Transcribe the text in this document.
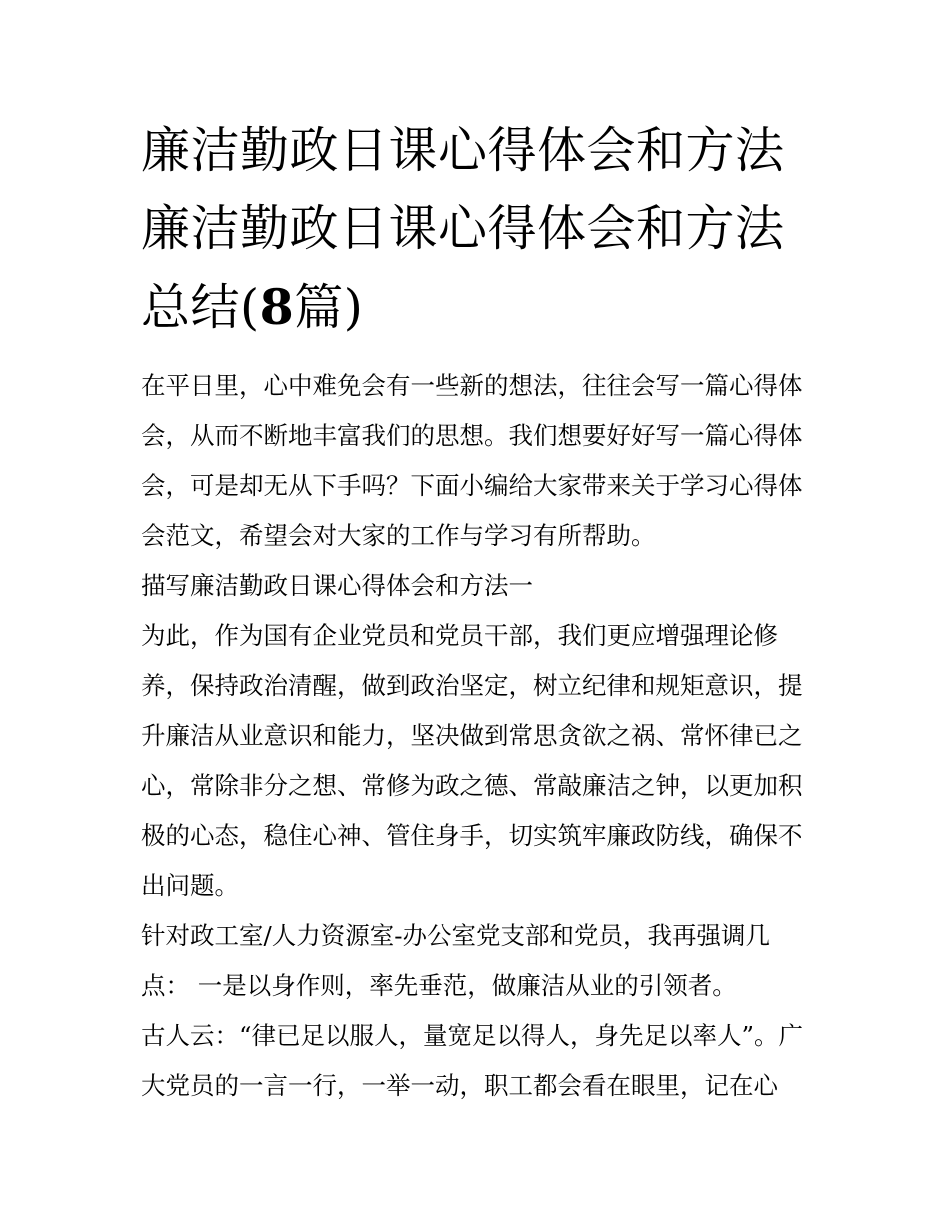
廉洁勤政日课心得体会和方法
廉洁勤政日课心得体会和方法
总结(8篇)

在平日里，心中难免会有一些新的想法，往往会写一篇心得体
会，从而不断地丰富我们的思想。我们想要好好写一篇心得体
会，可是却无从下手吗？下面小编给大家带来关于学习心得体
会范文，希望会对大家的工作与学习有所帮助。

描写廉洁勤政日课心得体会和方法一

为此，作为国有企业党员和党员干部，我们更应增强理论修
养，保持政治清醒，做到政治坚定，树立纪律和规矩意识，提
升廉洁从业意识和能力，坚决做到常思贪欲之祸、常怀律已之
心，常除非分之想、常修为政之德、常敲廉洁之钟，以更加积
极的心态，稳住心神、管住身手，切实筑牢廉政防线，确保不
出问题。

针对政工室/人力资源室-办公室党支部和党员，我再强调几
点： 一是以身作则，率先垂范，做廉洁从业的引领者。

古人云：“律已足以服人，量宽足以得人，身先足以率人”。广
大党员的一言一行，一举一动，职工都会看在眼里，记在心
